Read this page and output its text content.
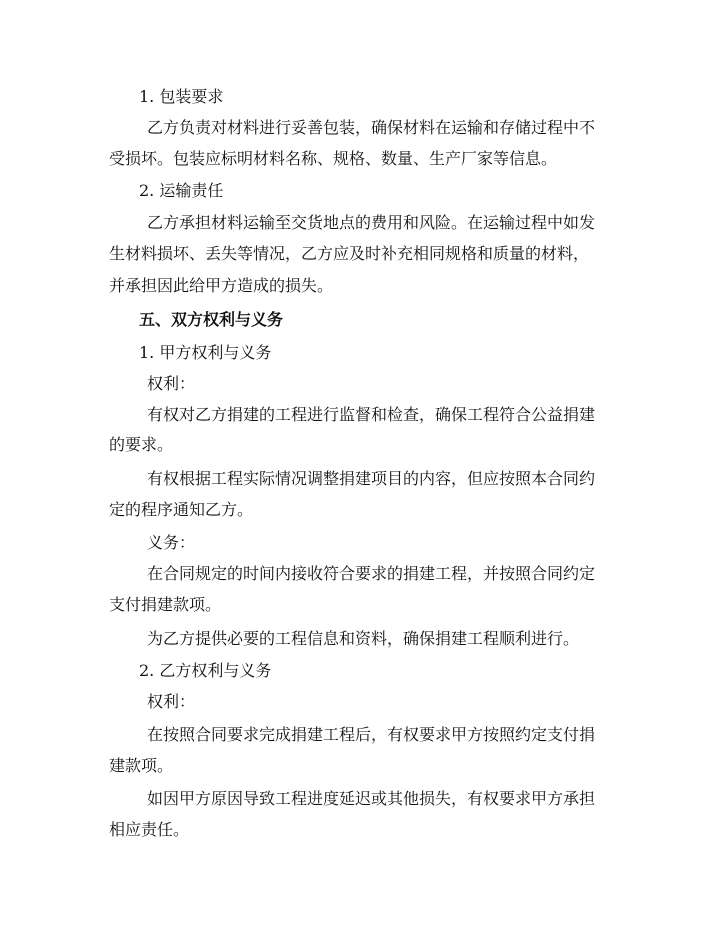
1. 包装要求
乙方负责对材料进行妥善包装，确保材料在运输和存储过程中不
受损坏。包装应标明材料名称、规格、数量、生产厂家等信息。
2. 运输责任
乙方承担材料运输至交货地点的费用和风险。在运输过程中如发
生材料损坏、丢失等情况，乙方应及时补充相同规格和质量的材料，
并承担因此给甲方造成的损失。
五、双方权利与义务
1. 甲方权利与义务
权利：
有权对乙方捐建的工程进行监督和检查，确保工程符合公益捐建
的要求。
有权根据工程实际情况调整捐建项目的内容，但应按照本合同约
定的程序通知乙方。
义务：
在合同规定的时间内接收符合要求的捐建工程，并按照合同约定
支付捐建款项。
为乙方提供必要的工程信息和资料，确保捐建工程顺利进行。
2. 乙方权利与义务
权利：
在按照合同要求完成捐建工程后，有权要求甲方按照约定支付捐
建款项。
如因甲方原因导致工程进度延迟或其他损失，有权要求甲方承担
相应责任。
